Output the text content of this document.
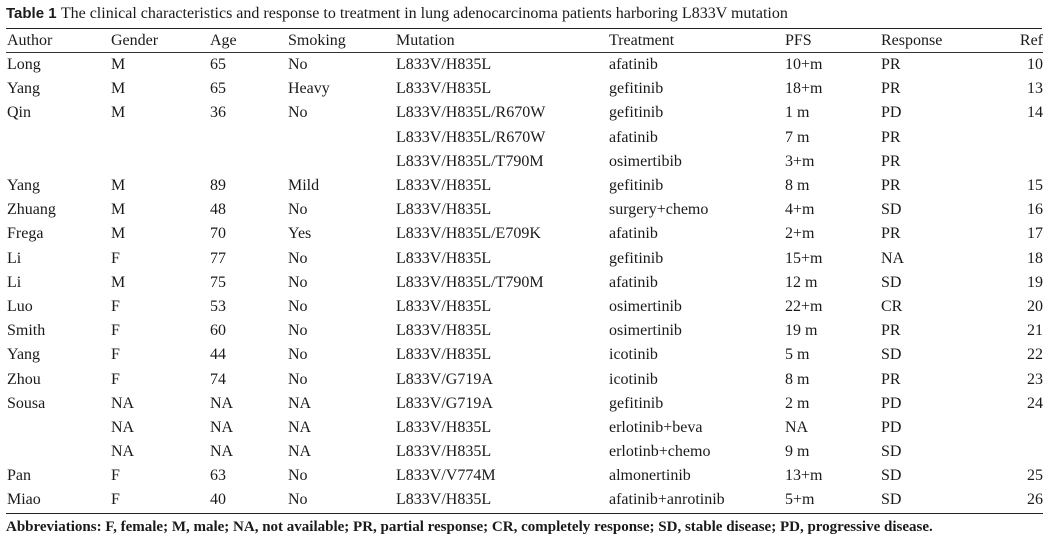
Table 1 The clinical characteristics and response to treatment in lung adenocarcinoma patients harboring L833V mutation
Author	Gender	Age	Smoking	Mutation	Treatment	PFS	Response	Ref
Long	M	65	No	L833V/H835L	afatinib	10+m	PR	10
Yang	M	65	Heavy	L833V/H835L	gefitinib	18+m	PR	13
Qin	M	36	No	L833V/H835L/R670W	gefitinib	1 m	PD	14
				L833V/H835L/R670W	afatinib	7 m	PR	
				L833V/H835L/T790M	osimertibib	3+m	PR	
Yang	M	89	Mild	L833V/H835L	gefitinib	8 m	PR	15
Zhuang	M	48	No	L833V/H835L	surgery+chemo	4+m	SD	16
Frega	M	70	Yes	L833V/H835L/E709K	afatinib	2+m	PR	17
Li	F	77	No	L833V/H835L	gefitinib	15+m	NA	18
Li	M	75	No	L833V/H835L/T790M	afatinib	12 m	SD	19
Luo	F	53	No	L833V/H835L	osimertinib	22+m	CR	20
Smith	F	60	No	L833V/H835L	osimertinib	19 m	PR	21
Yang	F	44	No	L833V/H835L	icotinib	5 m	SD	22
Zhou	F	74	No	L833V/G719A	icotinib	8 m	PR	23
Sousa	NA	NA	NA	L833V/G719A	gefitinib	2 m	PD	24
	NA	NA	NA	L833V/H835L	erlotinib+beva	NA	PD	
	NA	NA	NA	L833V/H835L	erlotinb+chemo	9 m	SD	
Pan	F	63	No	L833V/V774M	almonertinib	13+m	SD	25
Miao	F	40	No	L833V/H835L	afatinib+anrotinib	5+m	SD	26
Abbreviations: F, female; M, male; NA, not available; PR, partial response; CR, completely response; SD, stable disease; PD, progressive disease.
